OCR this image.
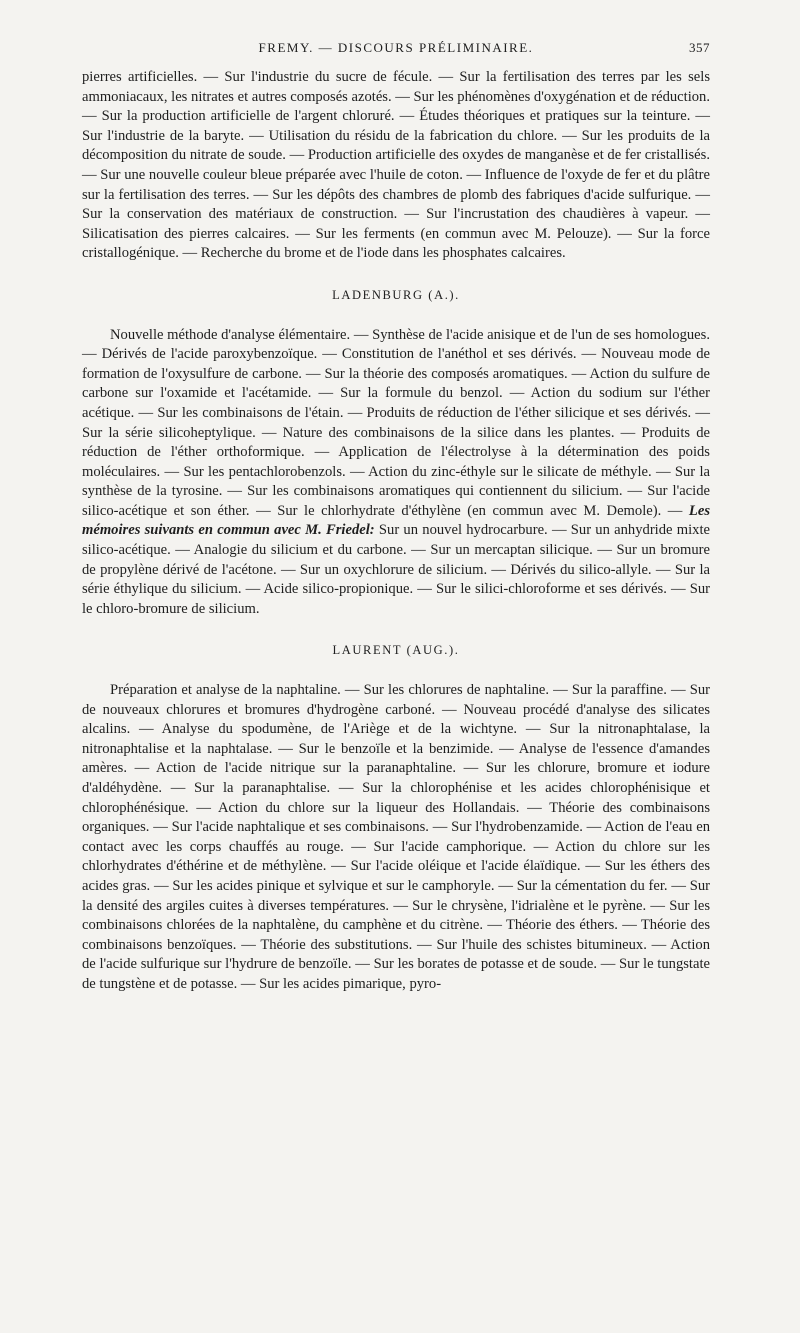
FREMY. — DISCOURS PRÉLIMINAIRE.	357

pierres artificielles. — Sur l'industrie du sucre de fécule. — Sur la fertilisation des terres par les sels ammoniacaux, les nitrates et autres composés azotés. — Sur les phénomènes d'oxygénation et de réduction. — Sur la production artificielle de l'argent chloruré. — Études théoriques et pratiques sur la teinture. — Sur l'industrie de la baryte. — Utilisation du résidu de la fabrication du chlore. — Sur les produits de la décomposition du nitrate de soude. — Production artificielle des oxydes de manganèse et de fer cristallisés. — Sur une nouvelle couleur bleue préparée avec l'huile de coton. — Influence de l'oxyde de fer et du plâtre sur la fertilisation des terres. — Sur les dépôts des chambres de plomb des fabriques d'acide sulfurique. — Sur la conservation des matériaux de construction. — Sur l'incrustation des chaudières à vapeur. — Silicatisation des pierres calcaires. — Sur les ferments (en commun avec M. Pelouze). — Sur la force cristallogénique. — Recherche du brome et de l'iode dans les phosphates calcaires.

LADENBURG (A.).

Nouvelle méthode d'analyse élémentaire. — Synthèse de l'acide anisique et de l'un de ses homologues. — Dérivés de l'acide paroxybenzoïque. — Constitution de l'anéthol et ses dérivés. — Nouveau mode de formation de l'oxysulfure de carbone. — Sur la théorie des composés aromatiques. — Action du sulfure de carbone sur l'oxamide et l'acétamide. — Sur la formule du benzol. — Action du sodium sur l'éther acétique. — Sur les combinaisons de l'étain. — Produits de réduction de l'éther silicique et ses dérivés. — Sur la série silicoheptylique. — Nature des combinaisons de la silice dans les plantes. — Produits de réduction de l'éther orthoformique. — Application de l'électrolyse à la détermination des poids moléculaires. — Sur les pentachlorobenzols. — Action du zinc-éthyle sur le silicate de méthyle. — Sur la synthèse de la tyrosine. — Sur les combinaisons aromatiques qui contiennent du silicium. — Sur l'acide silico-acétique et son éther. — Sur le chlorhydrate d'éthylène (en commun avec M. Demole). — Les mémoires suivants en commun avec M. Friedel: Sur un nouvel hydrocarbure. — Sur un anhydride mixte silico-acétique. — Analogie du silicium et du carbone. — Sur un mercaptan silicique. — Sur un bromure de propylène dérivé de l'acétone. — Sur un oxychlorure de silicium. — Dérivés du silico-allyle. — Sur la série éthylique du silicium. — Acide silico-propionique. — Sur le silici-chloroforme et ses dérivés. — Sur le chloro-bromure de silicium.

LAURENT (AUG.).

Préparation et analyse de la naphtaline. — Sur les chlorures de naphtaline. — Sur la paraffine. — Sur de nouveaux chlorures et bromures d'hydrogène carboné. — Nouveau procédé d'analyse des silicates alcalins. — Analyse du spodumène, de l'Ariège et de la wichtyne. — Sur la nitronaphtalase, la nitronaphtalise et la naphtalase. — Sur le benzoïle et la benzimide. — Analyse de l'essence d'amandes amères. — Action de l'acide nitrique sur la paranaphtaline. — Sur les chlorure, bromure et iodure d'aldéhydène. — Sur la paranaphtalise. — Sur la chlorophénise et les acides chlorophénisique et chlorophénésique. — Action du chlore sur la liqueur des Hollandais. — Théorie des combinaisons organiques. — Sur l'acide naphtalique et ses combinaisons. — Sur l'hydrobenzamide. — Action de l'eau en contact avec les corps chauffés au rouge. — Sur l'acide camphorique. — Action du chlore sur les chlorhydrates d'éthérine et de méthylène. — Sur l'acide oléique et l'acide élaïdique. — Sur les éthers des acides gras. — Sur les acides pinique et sylvique et sur le camphoryle. — Sur la cémentation du fer. — Sur la densité des argiles cuites à diverses températures. — Sur le chrysène, l'idrialène et le pyrène. — Sur les combinaisons chlorées de la naphtalène, du camphène et du citrène. — Théorie des éthers. — Théorie des combinaisons benzoïques. — Théorie des substitutions. — Sur l'huile des schistes bitumineux. — Action de l'acide sulfurique sur l'hydrure de benzoïle. — Sur les borates de potasse et de soude. — Sur le tungstate de tungstène et de potasse. — Sur les acides pimarique, pyro-
